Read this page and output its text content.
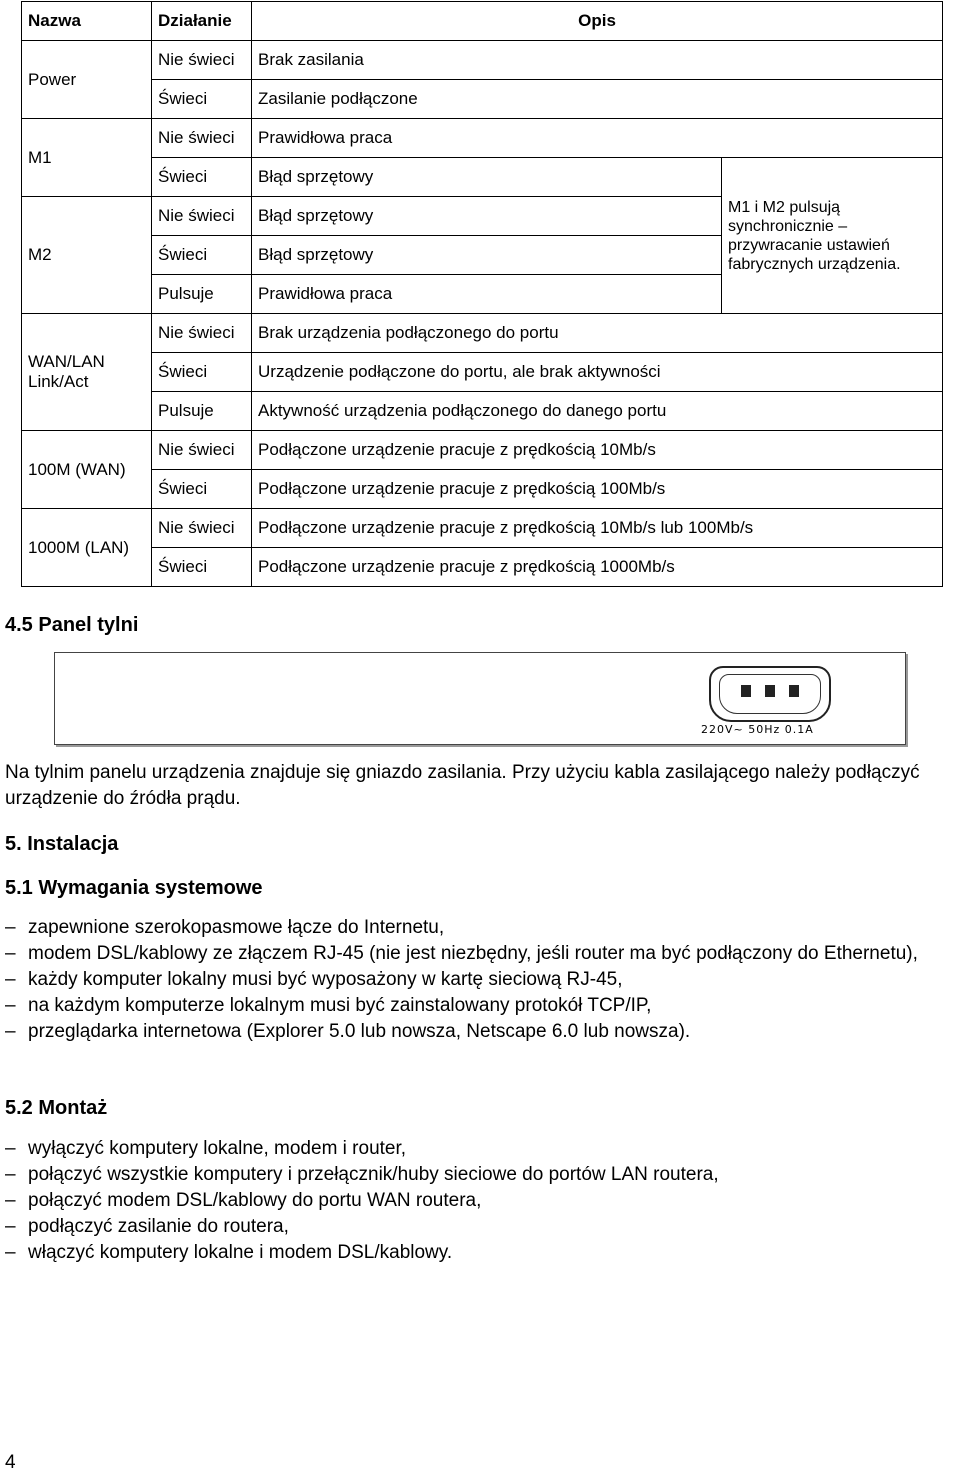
Nazwa	Działanie	Opis	
Power	Nie świeci	Brak zasilania	
	Świeci	Zasilanie podłączone	
M1	Nie świeci	Prawidłowa praca	
	Świeci	Błąd sprzętowy	M1 i M2 pulsują synchronicznie – przywracanie ustawień fabrycznych urządzenia.
M2	Nie świeci	Błąd sprzętowy	
	Świeci	Błąd sprzętowy	
	Pulsuje	Prawidłowa praca	
WAN/LAN Link/Act	Nie świeci	Brak urządzenia podłączonego do portu	
	Świeci	Urządzenie podłączone do portu, ale brak aktywności	
	Pulsuje	Aktywność urządzenia podłączonego do danego portu	
100M (WAN)	Nie świeci	Podłączone urządzenie pracuje z prędkością 10Mb/s	
	Świeci	Podłączone urządzenie pracuje z prędkością 100Mb/s	
1000M (LAN)	Nie świeci	Podłączone urządzenie pracuje z prędkością 10Mb/s lub 100Mb/s	
	Świeci	Podłączone urządzenie pracuje z prędkością 1000Mb/s	
4.5 Panel tylni
220V~ 50Hz 0.1A

Na tylnim panelu urządzenia znajduje się gniazdo zasilania. Przy użyciu kabla zasilającego należy podłączyć urządzenie do źródła prądu.

5. Instalacja
5.1 Wymagania systemowe
– zapewnione szerokopasmowe łącze do Internetu,
– modem DSL/kablowy ze złączem RJ-45 (nie jest niezbędny, jeśli router ma być podłączony do Ethernetu),
– każdy komputer lokalny musi być wyposażony w kartę sieciową RJ-45,
– na każdym komputerze lokalnym musi być zainstalowany protokół TCP/IP,
– przeglądarka internetowa (Explorer 5.0 lub nowsza, Netscape 6.0 lub nowsza).
5.2 Montaż
– wyłączyć komputery lokalne, modem i router,
– połączyć wszystkie komputery i przełącznik/huby sieciowe do portów LAN routera,
– połączyć modem DSL/kablowy do portu WAN routera,
– podłączyć zasilanie do routera,
– włączyć komputery lokalne i modem DSL/kablowy.
4
